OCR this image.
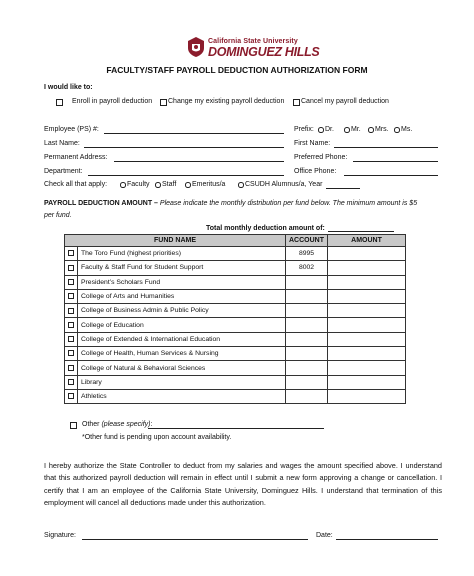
California State University
DOMINGUEZ HILLS
FACULTY/STAFF PAYROLL DEDUCTION AUTHORIZATION FORM
I would like to:
Enroll in payroll deduction Change my existing payroll deduction Cancel my payroll deduction
Employee (PS) #:	Prefix: Dr. Mr. Mrs. Ms.
Last Name:	First Name:
Permanent Address:	Preferred Phone:
Department:	Office Phone:
Check all that apply:	Faculty Staff Emeritus/a	CSUDH Alumnus/a, Year
PAYROLL DEDUCTION AMOUNT – Please indicate the monthly distribution per fund below. The minimum amount is $5
per fund.
Total monthly deduction amount of:
FUND NAME		ACCOUNT	AMOUNT
	The Toro Fund (highest priorities)	8995	
	Faculty & Staff Fund for Student Support	8002	
	President’s Scholars Fund		
	College of Arts and Humanities		
	College of Business Admin & Public Policy		
	College of Education		
	College of Extended & International Education		
	College of Health, Human Services & Nursing		
	College of Natural & Behavioral Sciences		
	Library		
	Athletics		
Other (please specify):
*Other fund is pending upon account availability.
I hereby authorize the State Controller to deduct from my salaries and wages the amount specified above. I understand that this authorized payroll deduction will remain in effect until I submit a new form approving a change or cancellation. I certify that I am an employee of the California State University, Dominguez Hills. I understand that termination of this employment will cancel all deductions made under this authorization.
Signature:	Date:
